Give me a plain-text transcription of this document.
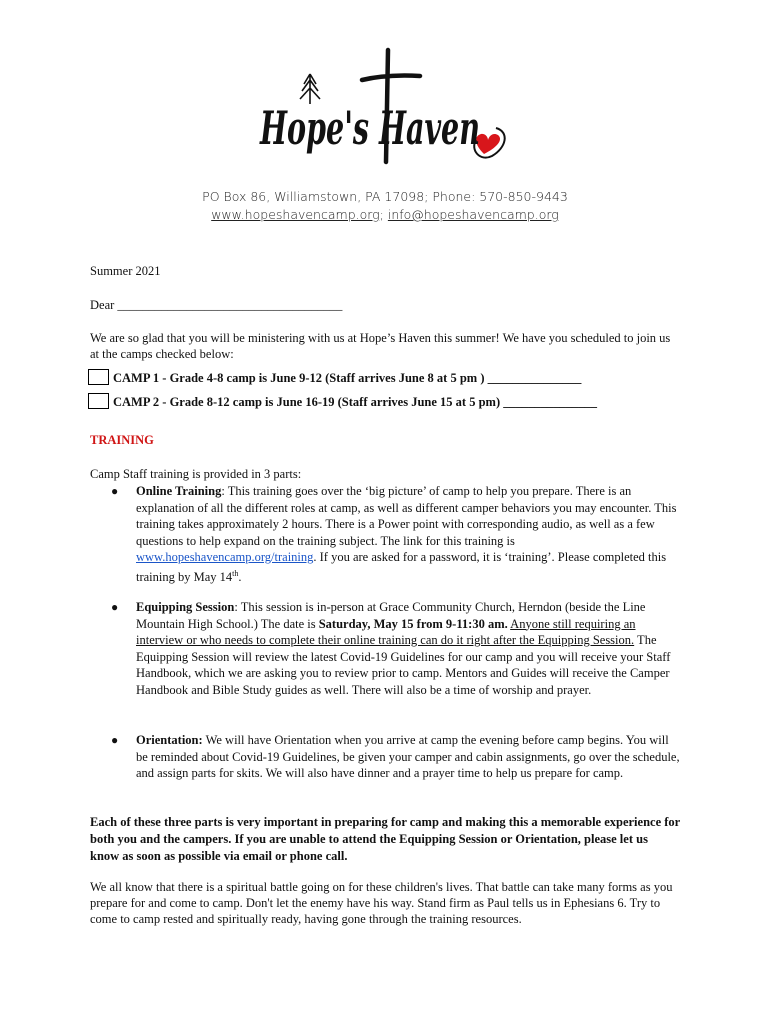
Hope's Haven
PO Box 86, Williamstown, PA 17098; Phone: 570-850-9443
www.hopeshavencamp.org; info@hopeshavencamp.org
Summer 2021
Dear ____________________________________
We are so glad that you will be ministering with us at Hope’s Haven this summer! We have you scheduled to join us at the camps checked below:
CAMP 1 - Grade 4-8 camp is June 9-12 (Staff arrives June 8 at 5 pm ) _______________
CAMP 2 - Grade 8-12 camp is June 16-19 (Staff arrives June 15 at 5 pm) _______________
TRAINING
Camp Staff training is provided in 3 parts:
● Online Training: This training goes over the ‘big picture’ of camp to help you prepare. There is an explanation of all the different roles at camp, as well as different camper behaviors you may encounter. This training takes approximately 2 hours. There is a Power point with corresponding audio, as well as a few questions to help expand on the training subject. The link for this training is www.hopeshavencamp.org/training. If you are asked for a password, it is ‘training’. Please completed this training by May 14th.
● Equipping Session: This session is in-person at Grace Community Church, Herndon (beside the Line Mountain High School.) The date is Saturday, May 15 from 9-11:30 am. Anyone still requiring an interview or who needs to complete their online training can do it right after the Equipping Session. The Equipping Session will review the latest Covid-19 Guidelines for our camp and you will receive your Staff Handbook, which we are asking you to review prior to camp. Mentors and Guides will receive the Camper Handbook and Bible Study guides as well. There will also be a time of worship and prayer.
● Orientation: We will have Orientation when you arrive at camp the evening before camp begins. You will be reminded about Covid-19 Guidelines, be given your camper and cabin assignments, go over the schedule, and assign parts for skits. We will also have dinner and a prayer time to help us prepare for camp.
Each of these three parts is very important in preparing for camp and making this a memorable experience for both you and the campers. If you are unable to attend the Equipping Session or Orientation, please let us know as soon as possible via email or phone call.
We all know that there is a spiritual battle going on for these children's lives. That battle can take many forms as you prepare for and come to camp. Don't let the enemy have his way. Stand firm as Paul tells us in Ephesians 6. Try to come to camp rested and spiritually ready, having gone through the training resources.
